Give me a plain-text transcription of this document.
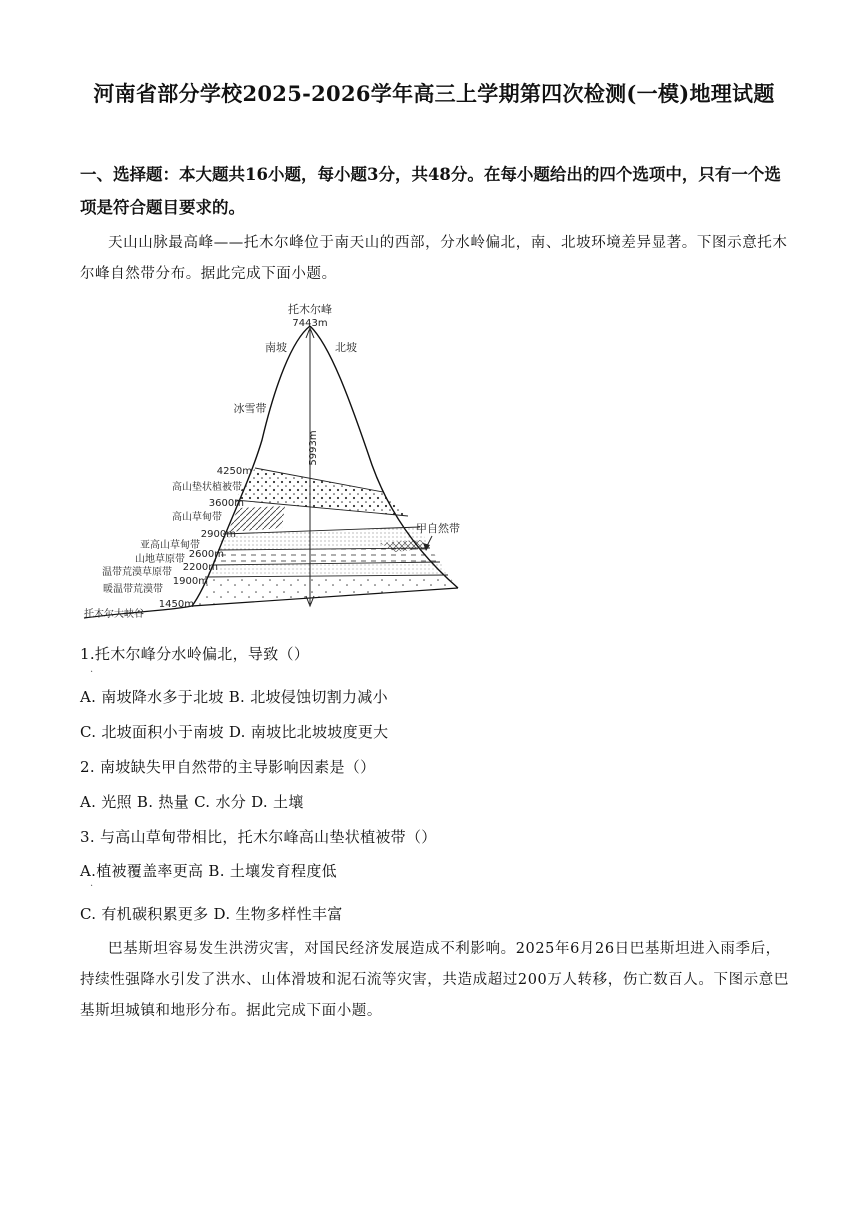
河南省部分学校2025-2026学年高三上学期第四次检测(一模)地理试题
一、选择题：本大题共16小题，每小题3分，共48分。在每小题给出的四个选项中，只有一个选项是符合题目要求的。
天山山脉最高峰——托木尔峰位于南天山的西部，分水岭偏北，南、北坡环境差异显著。下图示意托木尔峰自然带分布。据此完成下面小题。
5993m
托木尔峰
7443m
南坡	北坡
冰雪带
4250m
高山垫状植被带
3600m
高山草甸带
2900m
亚高山草甸带
2600m
山地草原带
2200m
温带荒漠草原带
1900m
暖温带荒漠带
1450m
托木尔大峡谷
甲自然带
1.托木尔峰分水岭偏北，导致（）
·
A. 南坡降水多于北坡 B. 北坡侵蚀切割力减小
C. 北坡面积小于南坡 D. 南坡比北坡坡度更大
2. 南坡缺失甲自然带的主导影响因素是（）
A. 光照 B. 热量 C. 水分 D. 土壤
3. 与高山草甸带相比，托木尔峰高山垫状植被带（）
A.植被覆盖率更高 B. 土壤发育程度低
·
C. 有机碳积累更多 D. 生物多样性丰富
巴基斯坦容易发生洪涝灾害，对国民经济发展造成不利影响。2025年6月26日巴基斯坦进入雨季后，持续性强降水引发了洪水、山体滑坡和泥石流等灾害，共造成超过200万人转移，伤亡数百人。下图示意巴基斯坦城镇和地形分布。据此完成下面小题。
